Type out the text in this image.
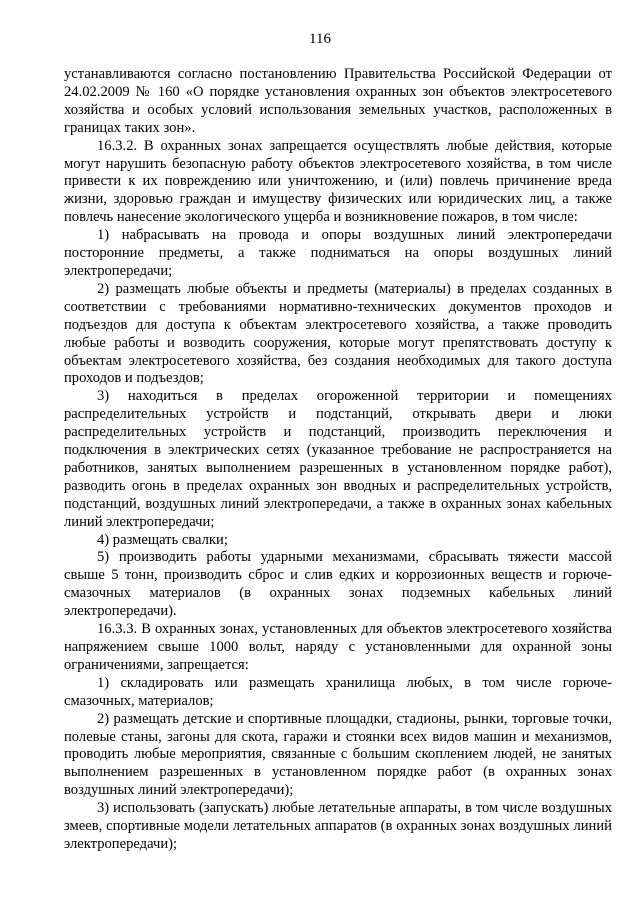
116

устанавливаются согласно постановлению Правительства Российской Федерации от 24.02.2009 № 160 «О порядке установления охранных зон объектов электросетевого хозяйства и особых условий использования земельных участков, расположенных в границах таких зон».

16.3.2. В охранных зонах запрещается осуществлять любые действия, которые могут нарушить безопасную работу объектов электросетевого хозяйства, в том числе привести к их повреждению или уничтожению, и (или) повлечь причинение вреда жизни, здоровью граждан и имуществу физических или юридических лиц, а также повлечь нанесение экологического ущерба и возникновение пожаров, в том числе:

1) набрасывать на провода и опоры воздушных линий электропередачи посторонние предметы, а также подниматься на опоры воздушных линий электропередачи;

2) размещать любые объекты и предметы (материалы) в пределах созданных в соответствии с требованиями нормативно-технических документов проходов и подъездов для доступа к объектам электросетевого хозяйства, а также проводить любые работы и возводить сооружения, которые могут препятствовать доступу к объектам электросетевого хозяйства, без создания необходимых для такого доступа проходов и подъездов;

3) находиться в пределах огороженной территории и помещениях распределительных устройств и подстанций, открывать двери и люки распределительных устройств и подстанций, производить переключения и подключения в электрических сетях (указанное требование не распространяется на работников, занятых выполнением разрешенных в установленном порядке работ), разводить огонь в пределах охранных зон вводных и распределительных устройств, подстанций, воздушных линий электропередачи, а также в охранных зонах кабельных линий электропередачи;

4) размещать свалки;

5) производить работы ударными механизмами, сбрасывать тяжести массой свыше 5 тонн, производить сброс и слив едких и коррозионных веществ и горюче-смазочных материалов (в охранных зонах подземных кабельных линий электропередачи).

16.3.3. В охранных зонах, установленных для объектов электросетевого хозяйства напряжением свыше 1000 вольт, наряду с установленными для охранной зоны ограничениями, запрещается:

1) складировать или размещать хранилища любых, в том числе горюче-смазочных, материалов;

2) размещать детские и спортивные площадки, стадионы, рынки, торговые точки, полевые станы, загоны для скота, гаражи и стоянки всех видов машин и механизмов, проводить любые мероприятия, связанные с большим скоплением людей, не занятых выполнением разрешенных в установленном порядке работ (в охранных зонах воздушных линий электропередачи);

3) использовать (запускать) любые летательные аппараты, в том числе воздушных змеев, спортивные модели летательных аппаратов (в охранных зонах воздушных линий электропередачи);
